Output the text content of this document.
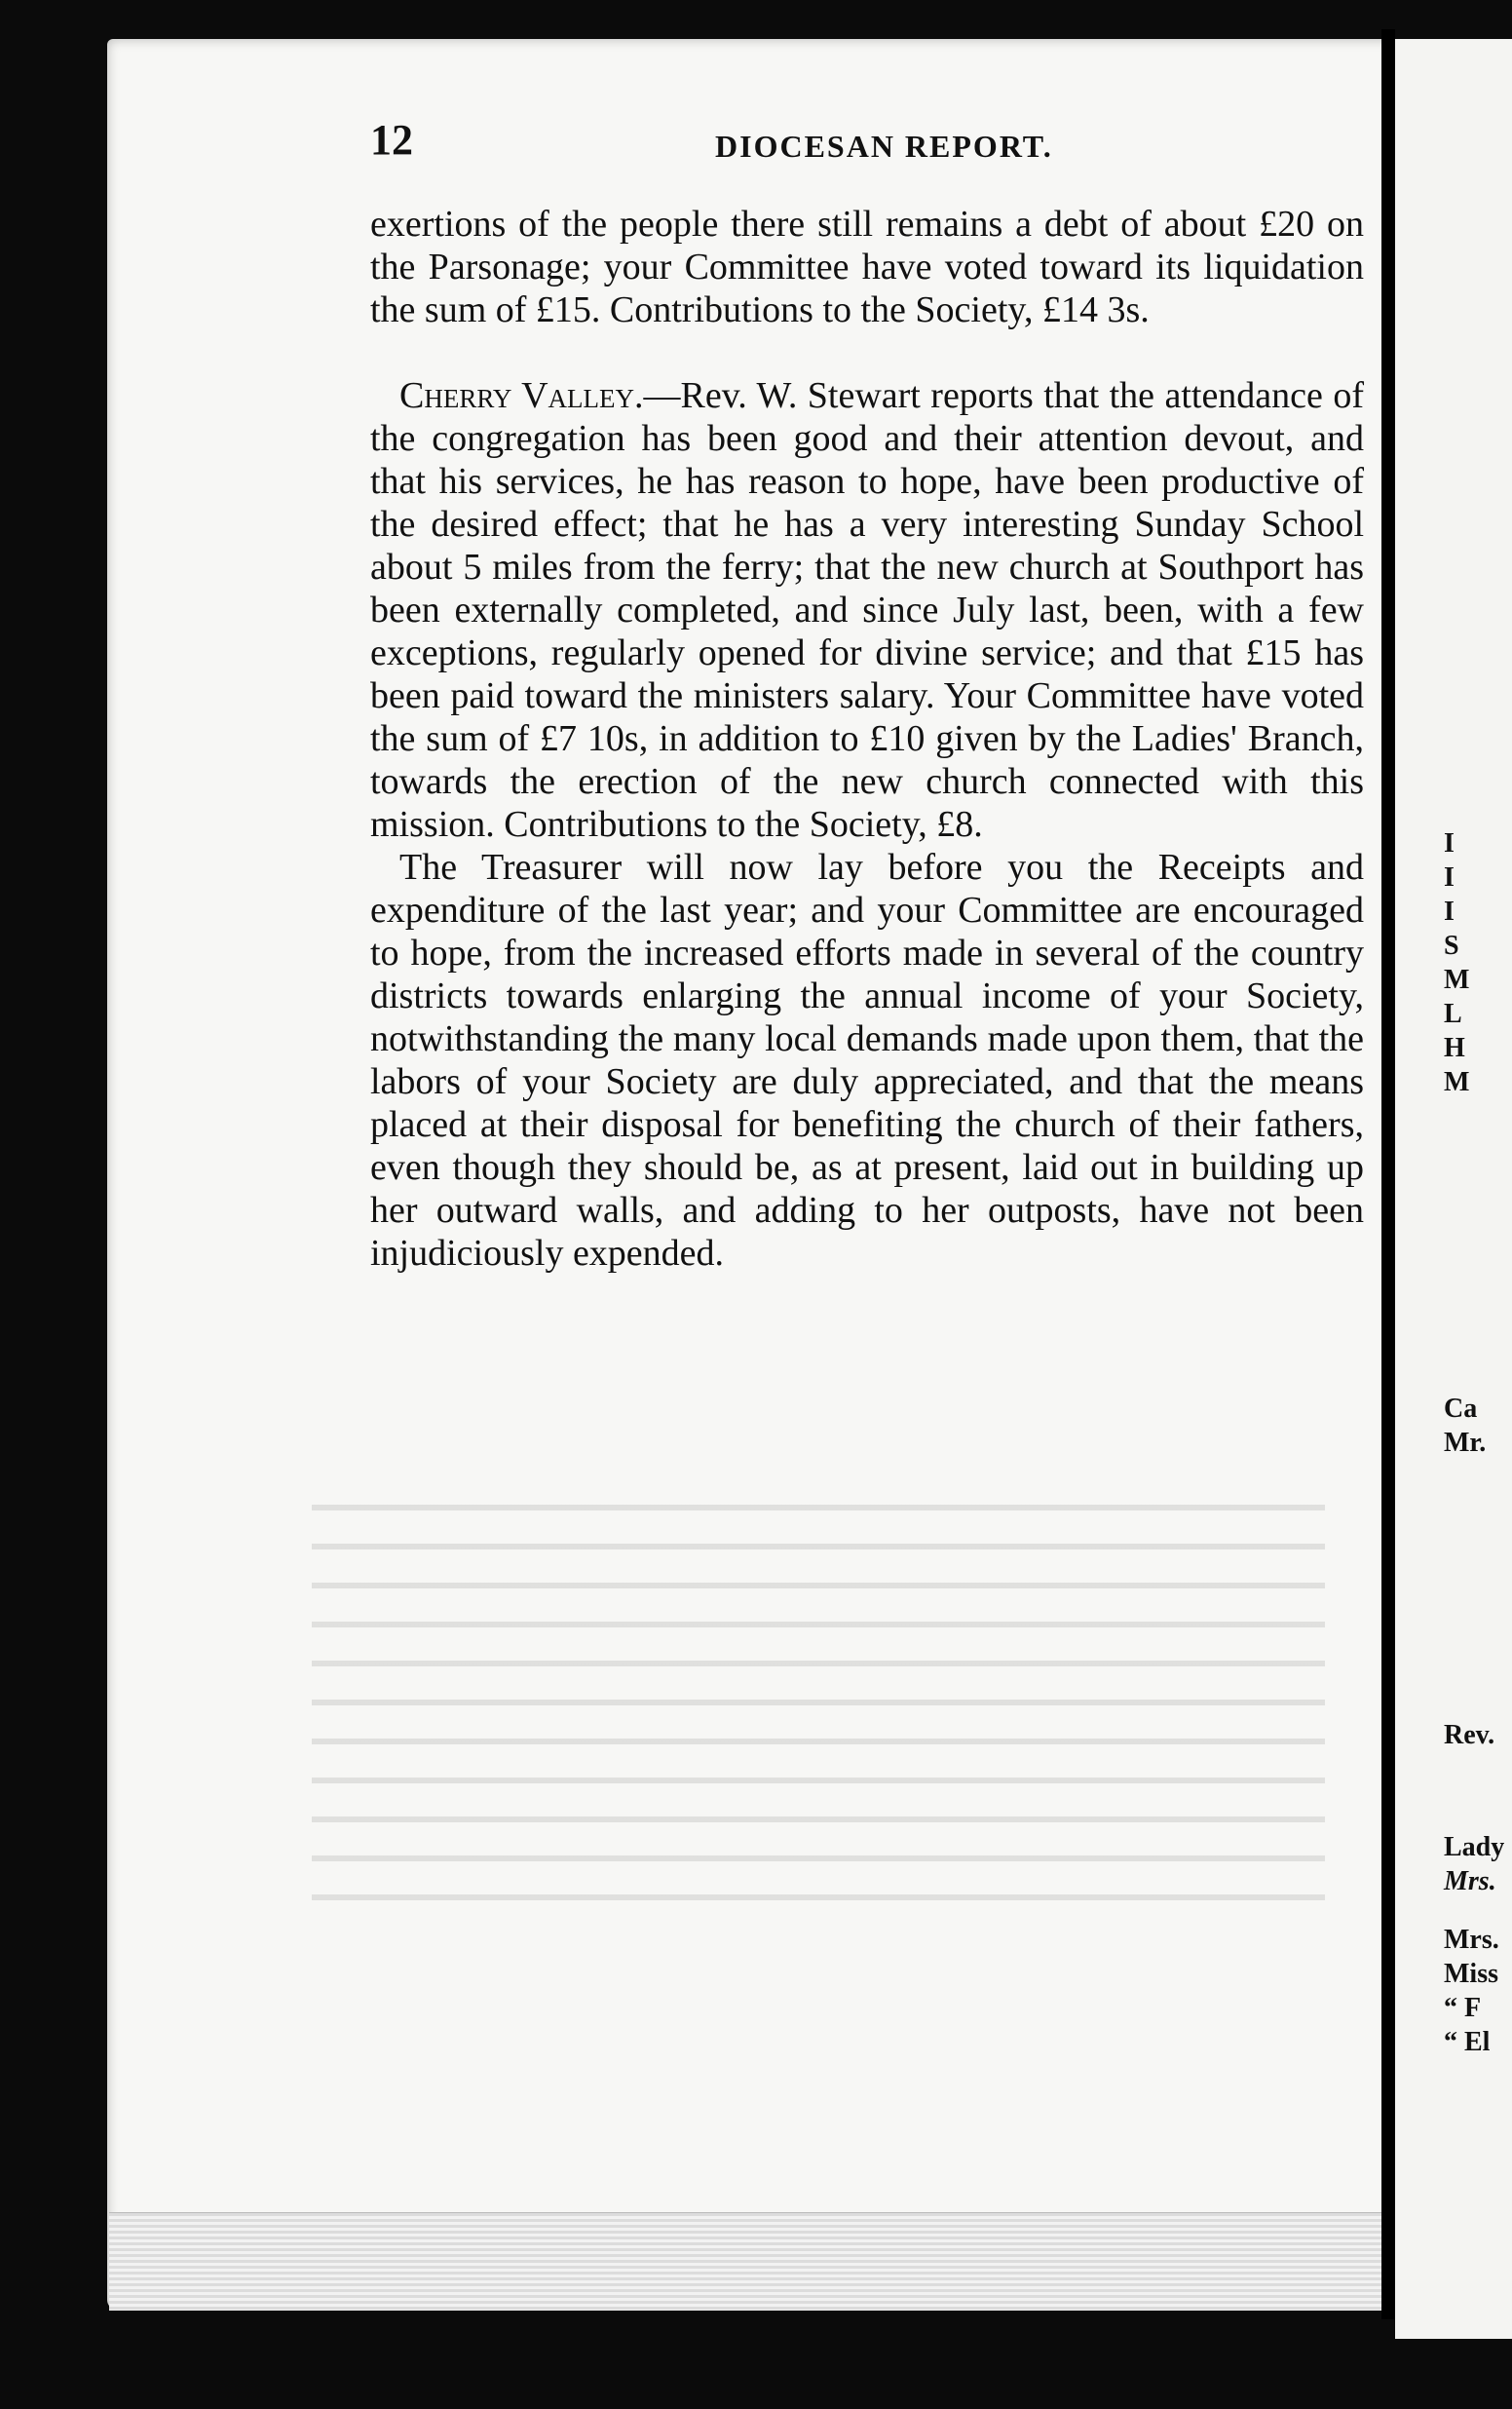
12	DIOCESAN REPORT.

exertions of the people there still remains a debt of about £20 on the Parsonage; your Committee have voted toward its liquidation the sum of £15. Contributions to the Society, £14 3s.

Cherry Valley.—Rev. W. Stewart reports that the attendance of the congregation has been good and their attention devout, and that his services, he has reason to hope, have been productive of the desired effect; that he has a very interesting Sunday School about 5 miles from the ferry; that the new church at Southport has been externally completed, and since July last, been, with a few exceptions, regularly opened for divine service; and that £15 has been paid toward the ministers salary. Your Committee have voted the sum of £7 10s, in addition to £10 given by the Ladies' Branch, towards the erection of the new church connected with this mission. Contributions to the Society, £8.

The Treasurer will now lay before you the Receipts and expenditure of the last year; and your Committee are encouraged to hope, from the increased efforts made in several of the country districts towards enlarging the annual income of your Society, notwithstanding the many local demands made upon them, that the labors of your Society are duly appreciated, and that the means placed at their disposal for benefiting the church of their fathers, even though they should be, as at present, laid out in building up her outward walls, and adding to her outposts, have not been injudiciously expended.

I
I
I
S
M
L
H
M
Ca
Mr.
Rev.
Lady
Mrs.
Mrs.
Miss
“ F
“ El
